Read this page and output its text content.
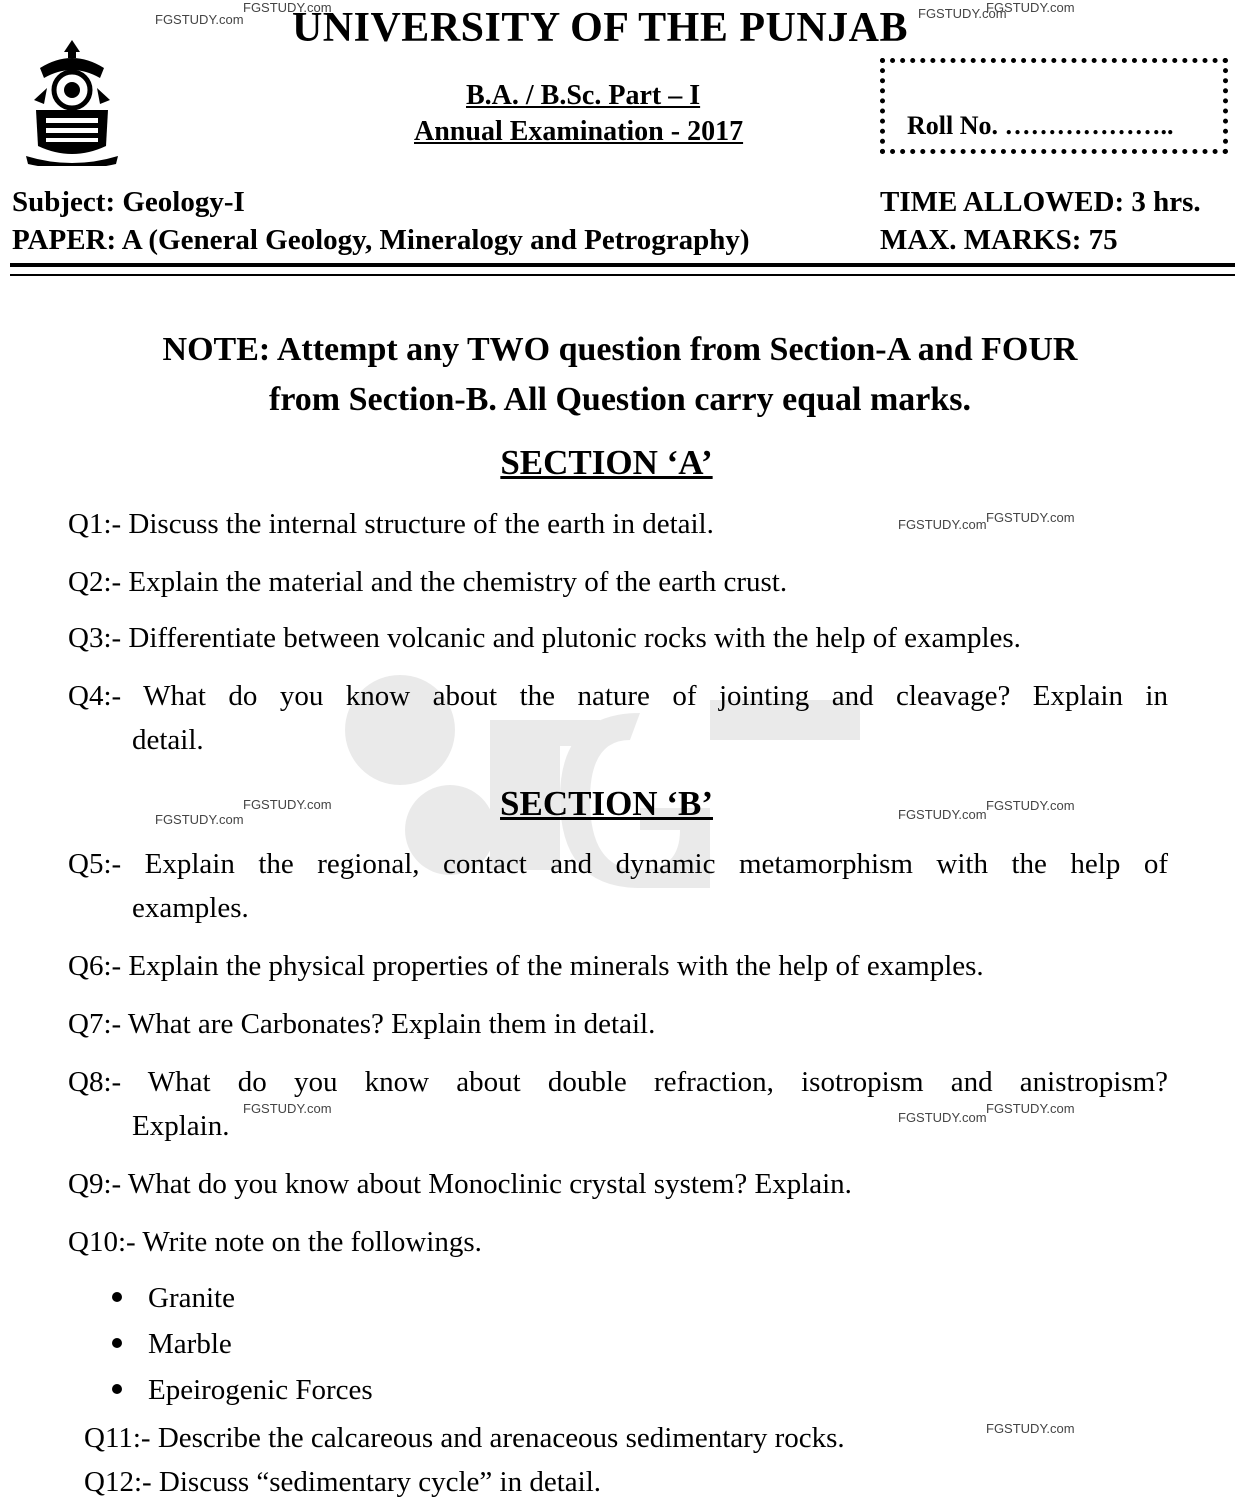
FGSTUDY.com
FGSTUDY.com	FGSTUDY.com
FGSTUDY.com
FGSTUDY.com FGSTUDY.com
FGSTUDY.com
FGSTUDY.com
FGSTUDY.com
FGSTUDY.com
FGSTUDY.com
FGSTUDY.com
FGSTUDY.com
FGSTUDY.com
UNIVERSITY OF THE PUNJAB
B.A. / B.Sc. Part – I
Annual Examination - 2017	Roll No. ………………..
Subject: Geology-I
PAPER: A (General Geology, Mineralogy and Petrography)
TIME ALLOWED: 3 hrs.
MAX. MARKS: 75
NOTE: Attempt any TWO question from Section-A and FOUR
from Section-B. All Question carry equal marks.
SECTION ‘A’
Q1:- Discuss the internal structure of the earth in detail.
Q2:- Explain the material and the chemistry of the earth crust.
Q3:- Differentiate between volcanic and plutonic rocks with the help of examples.
Q4:- What do you know about the nature of jointing and cleavage? Explain in
detail.
SECTION ‘B’
Q5:- Explain the regional, contact and dynamic metamorphism with the help of
examples.
Q6:- Explain the physical properties of the minerals with the help of examples.
Q7:- What are Carbonates? Explain them in detail.
Q8:- What do you know about double refraction, isotropism and anistropism?
Explain.
Q9:- What do you know about Monoclinic crystal system? Explain.
Q10:- Write note on the followings.
Granite
Marble
Epeirogenic Forces
Q11:- Describe the calcareous and arenaceous sedimentary rocks.
Q12:- Discuss “sedimentary cycle” in detail.
